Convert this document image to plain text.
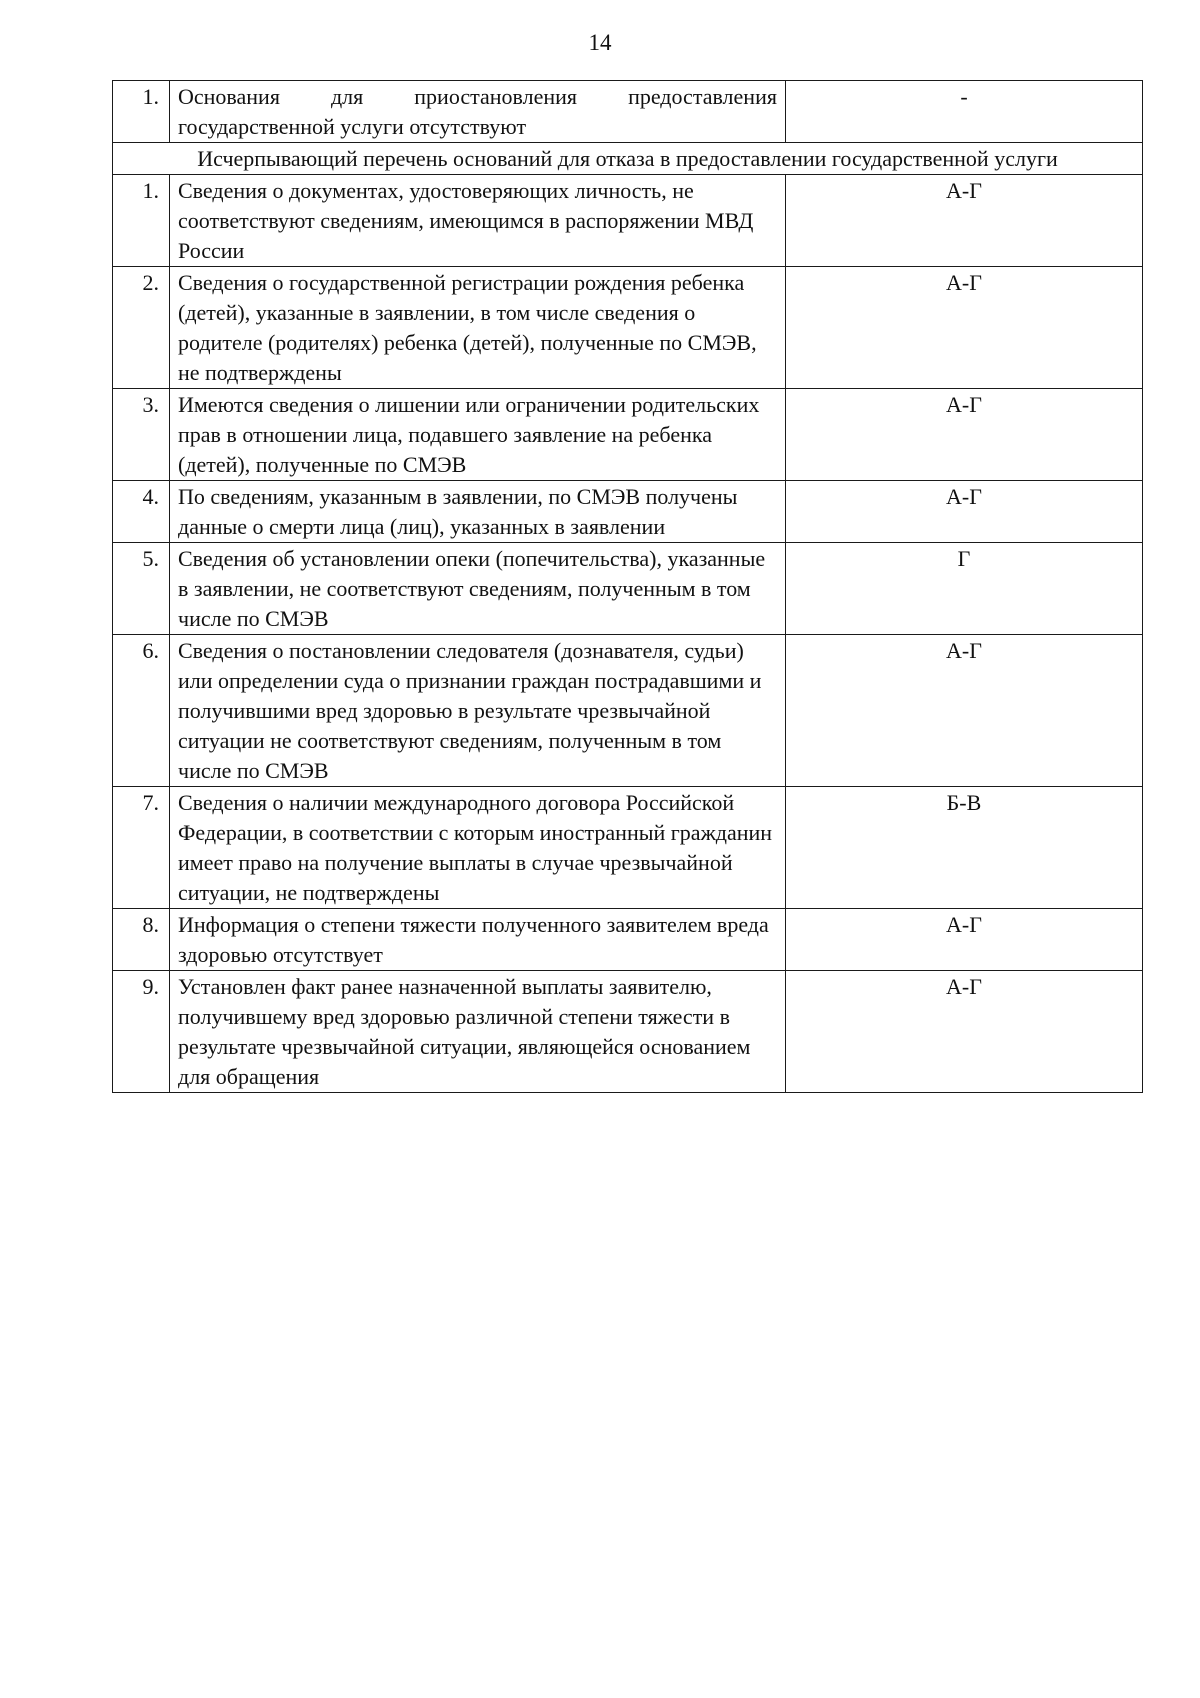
14
1.	Основания для приостановления предоставления
государственной услуги отсутствуют	-
Исчерпывающий перечень оснований для отказа в предоставлении государственной услуги		
1.	Сведения о документах, удостоверяющих личность, не соответствуют сведениям, имеющимся в распоряжении МВД России	А-Г
2.	Сведения о государственной регистрации рождения ребенка (детей), указанные в заявлении, в том числе сведения о родителе (родителях) ребенка (детей), полученные по СМЭВ, не подтверждены	А-Г
3.	Имеются сведения о лишении или ограничении родительских прав в отношении лица, подавшего заявление на ребенка (детей), полученные по СМЭВ	А-Г
4.	По сведениям, указанным в заявлении, по СМЭВ получены данные о смерти лица (лиц), указанных в заявлении	А-Г
5.	Сведения об установлении опеки (попечительства), указанные в заявлении, не соответствуют сведениям, полученным в том числе по СМЭВ	Г
6.	Сведения о постановлении следователя (дознавателя, судьи) или определении суда о признании граждан пострадавшими и получившими вред здоровью в результате чрезвычайной ситуации не соответствуют сведениям, полученным в том числе по СМЭВ	А-Г
7.	Сведения о наличии международного договора Российской Федерации, в соответствии с которым иностранный гражданин имеет право на получение выплаты в случае чрезвычайной ситуации, не подтверждены	Б-В
8.	Информация о степени тяжести полученного заявителем вреда здоровью отсутствует	А-Г
9.	Установлен факт ранее назначенной выплаты заявителю, получившему вред здоровью различной степени тяжести в результате чрезвычайной ситуации, являющейся основанием для обращения	А-Г
